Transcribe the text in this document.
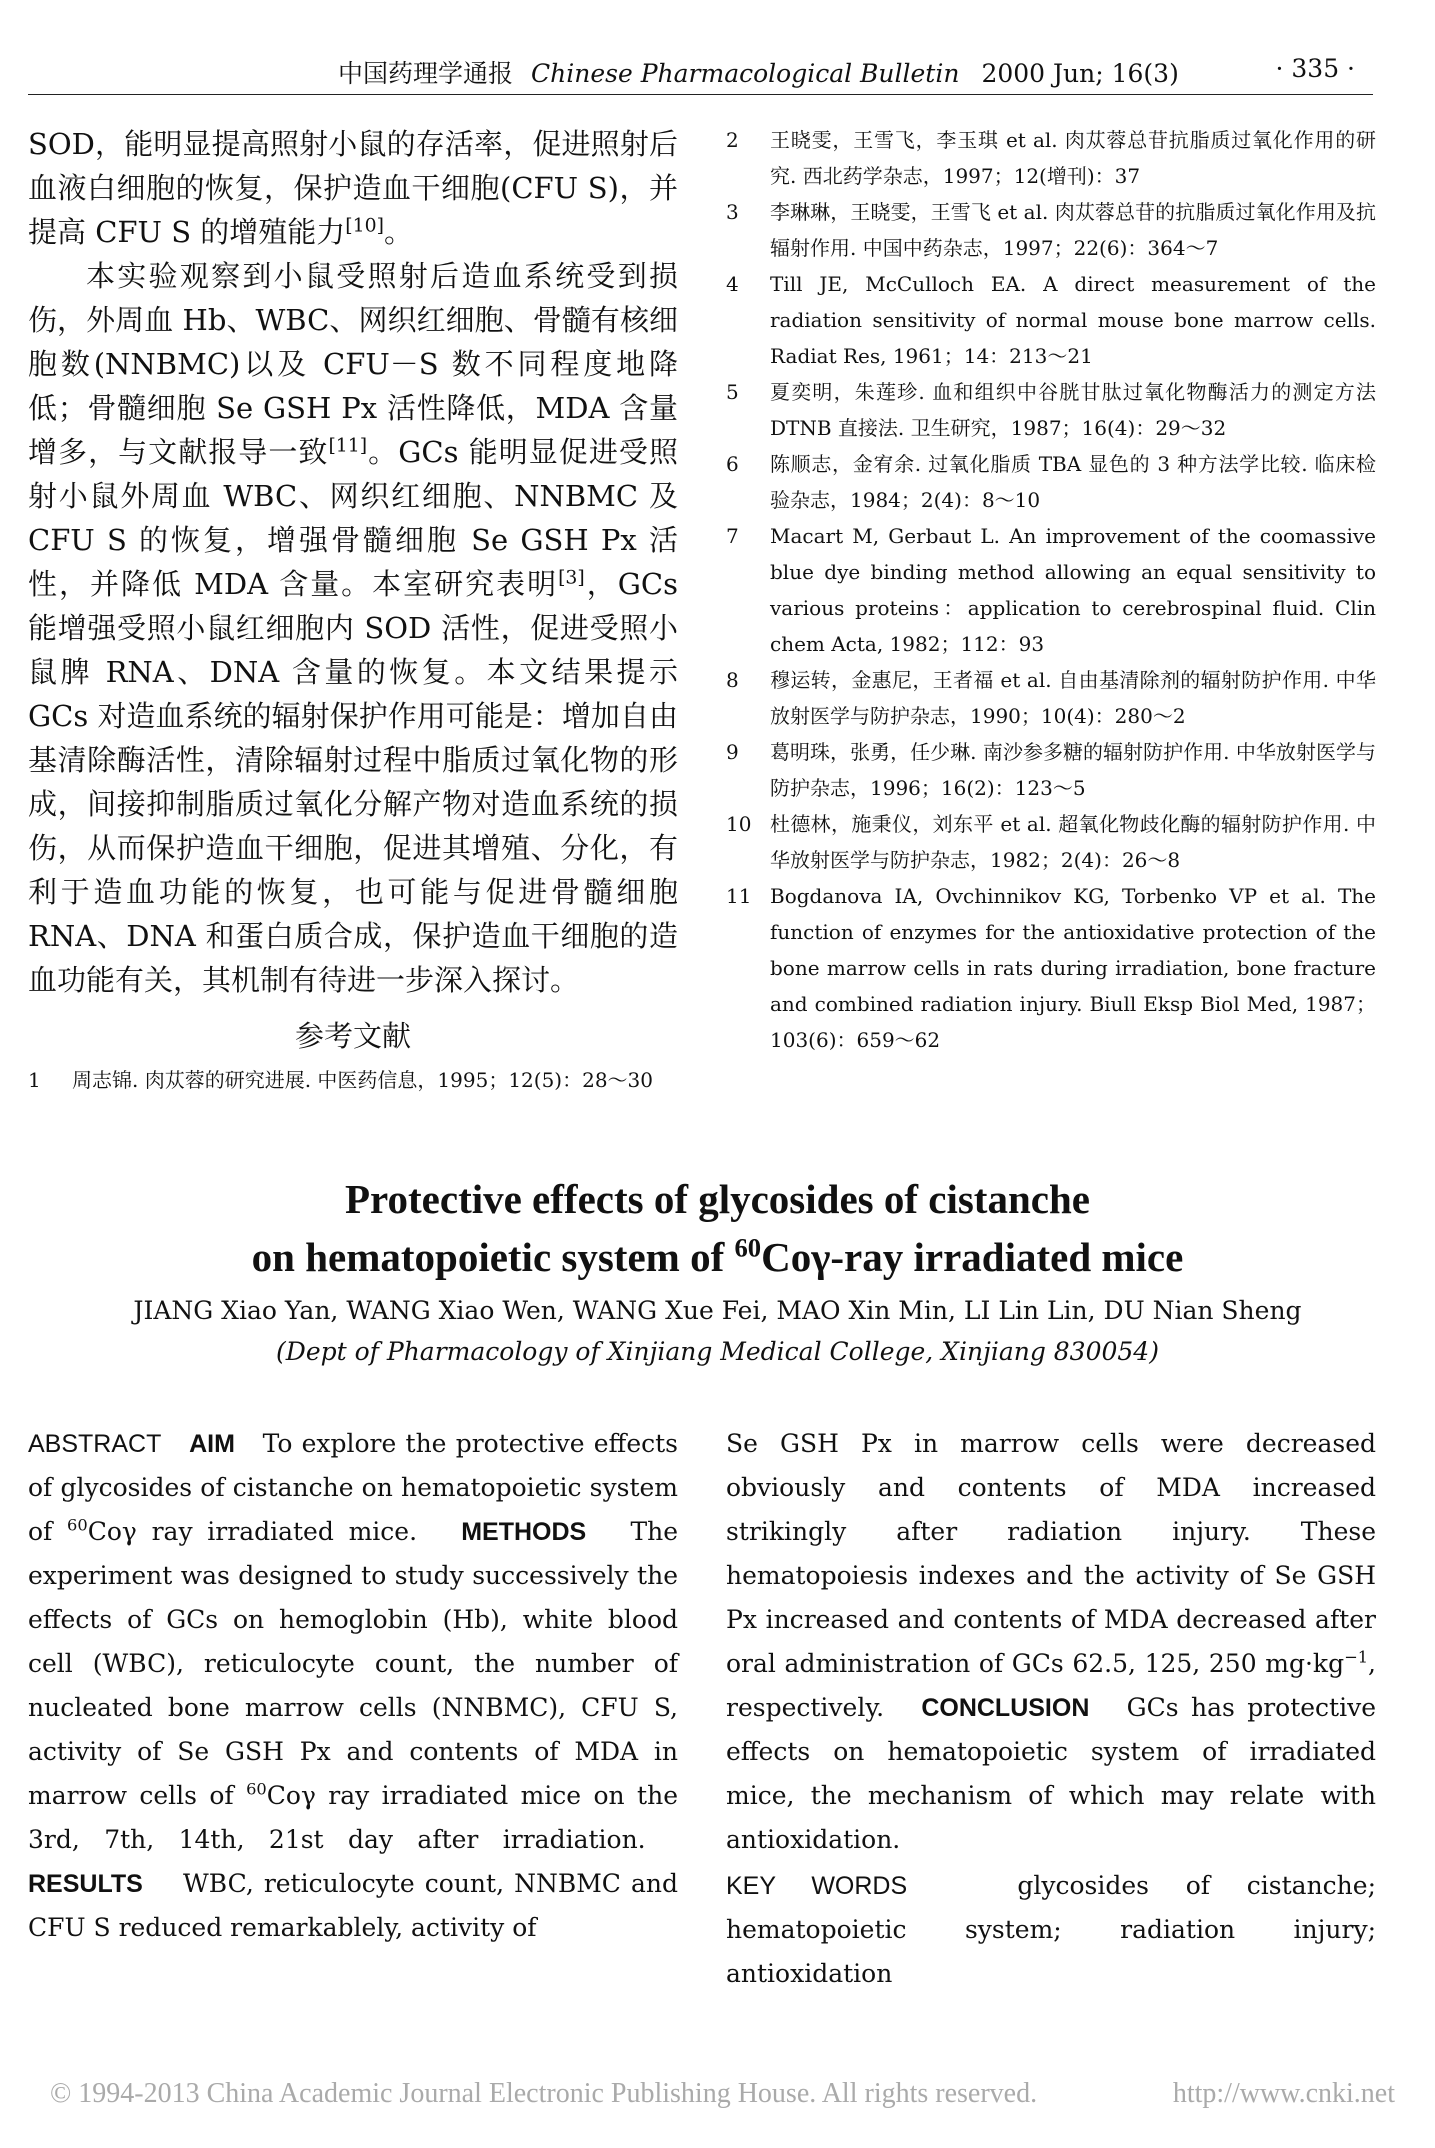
中国药理学通报 Chinese Pharmacological Bulletin 2000 Jun; 16(3)	· 335 ·

SOD，能明显提高照射小鼠的存活率，促进照射后血液白细胞的恢复，保护造血干细胞(CFU S)，并提高 CFU S 的增殖能力[10]。

本实验观察到小鼠受照射后造血系统受到损伤，外周血 Hb、WBC、网织红细胞、骨髓有核细胞数(NNBMC)以及 CFU－S 数不同程度地降低；骨髓细胞 Se GSH Px 活性降低，MDA 含量增多，与文献报导一致[11]。GCs 能明显促进受照射小鼠外周血 WBC、网织红细胞、NNBMC 及 CFU S 的恢复，增强骨髓细胞 Se GSH Px 活性，并降低 MDA 含量。本室研究表明[3]，GCs 能增强受照小鼠红细胞内 SOD 活性，促进受照小鼠脾 RNA、DNA 含量的恢复。本文结果提示 GCs 对造血系统的辐射保护作用可能是：增加自由基清除酶活性，清除辐射过程中脂质过氧化物的形成，间接抑制脂质过氧化分解产物对造血系统的损伤，从而保护造血干细胞，促进其增殖、分化，有利于造血功能的恢复，也可能与促进骨髓细胞 RNA、DNA 和蛋白质合成，保护造血干细胞的造血功能有关，其机制有待进一步深入探讨。

参考文献
1	周志锦. 肉苁蓉的研究进展. 中医药信息，1995；12(5)：28～30
2	王晓雯，王雪飞，李玉琪 et al. 肉苁蓉总苷抗脂质过氧化作用的研究. 西北药学杂志，1997；12(增刊)：37
3	李琳琳，王晓雯，王雪飞 et al. 肉苁蓉总苷的抗脂质过氧化作用及抗辐射作用. 中国中药杂志，1997；22(6)：364～7
4	Till JE, McCulloch EA. A direct measurement of the radiation sensitivity of normal mouse bone marrow cells. Radiat Res, 1961；14：213～21
5	夏奕明，朱莲珍. 血和组织中谷胱甘肽过氧化物酶活力的测定方法 DTNB 直接法. 卫生研究，1987；16(4)：29～32
6	陈顺志，金宥余. 过氧化脂质 TBA 显色的 3 种方法学比较. 临床检验杂志，1984；2(4)：8～10
7	Macart M, Gerbaut L. An improvement of the coomassive blue dye binding method allowing an equal sensitivity to various proteins：application to cerebrospinal fluid. Clin chem Acta, 1982；112：93
8	穆运转，金惠尼，王者福 et al. 自由基清除剂的辐射防护作用. 中华放射医学与防护杂志，1990；10(4)：280～2
9	葛明珠，张勇，任少琳. 南沙参多糖的辐射防护作用. 中华放射医学与防护杂志，1996；16(2)：123～5
10 杜德林，施秉仪，刘东平 et al. 超氧化物歧化酶的辐射防护作用. 中华放射医学与防护杂志，1982；2(4)：26～8
11 Bogdanova IA, Ovchinnikov KG, Torbenko VP et al. The function of enzymes for the antioxidative protection of the bone marrow cells in rats during irradiation, bone fracture and combined radiation injury. Biull Eksp Biol Med, 1987；103(6)：659～62
Protective effects of glycosides of cistanche
on hematopoietic system of $^{60}$Coγ-ray irradiated mice
JIANG Xiao Yan, WANG Xiao Wen, WANG Xue Fei, MAO Xin Min, LI Lin Lin, DU Nian Sheng
(Dept of Pharmacology of Xinjiang Medical College, Xinjiang 830054)
ABSTRACT AIM To explore the protective effects of glycosides of cistanche on hematopoietic system of $^{60}$Coγ ray irradiated mice. METHODS The experiment was designed to study successively the effects of GCs on hemoglobin (Hb), white blood cell (WBC), reticulocyte count, the number of nucleated bone marrow cells (NNBMC), CFU S, activity of Se GSH Px and contents of MDA in marrow cells of $^{60}$Coγ ray irradiated mice on the 3rd, 7th, 14th, 21st day after irradiation.   RESULTS WBC, reticulocyte count, NNBMC and CFU S reduced remarkablely, activity of
Se GSH Px in marrow cells were decreased obviously and contents of MDA increased strikingly after radiation injury. These hematopoiesis indexes and the activity of Se GSH Px increased and contents of MDA decreased after oral administration of GCs 62.5, 125, 250 $mg\cdot kg^{-1}$, respectively. CONCLUSION GCs has protective effects on hematopoietic system of irradiated mice, the mechanism of which may relate with antioxidation.
KEY WORDS	glycosides of cistanche; hematopoietic system; radiation injury; antioxidation
© 1994-2013 China Academic Journal Electronic Publishing House. All rights reserved.	http://www.cnki.net
